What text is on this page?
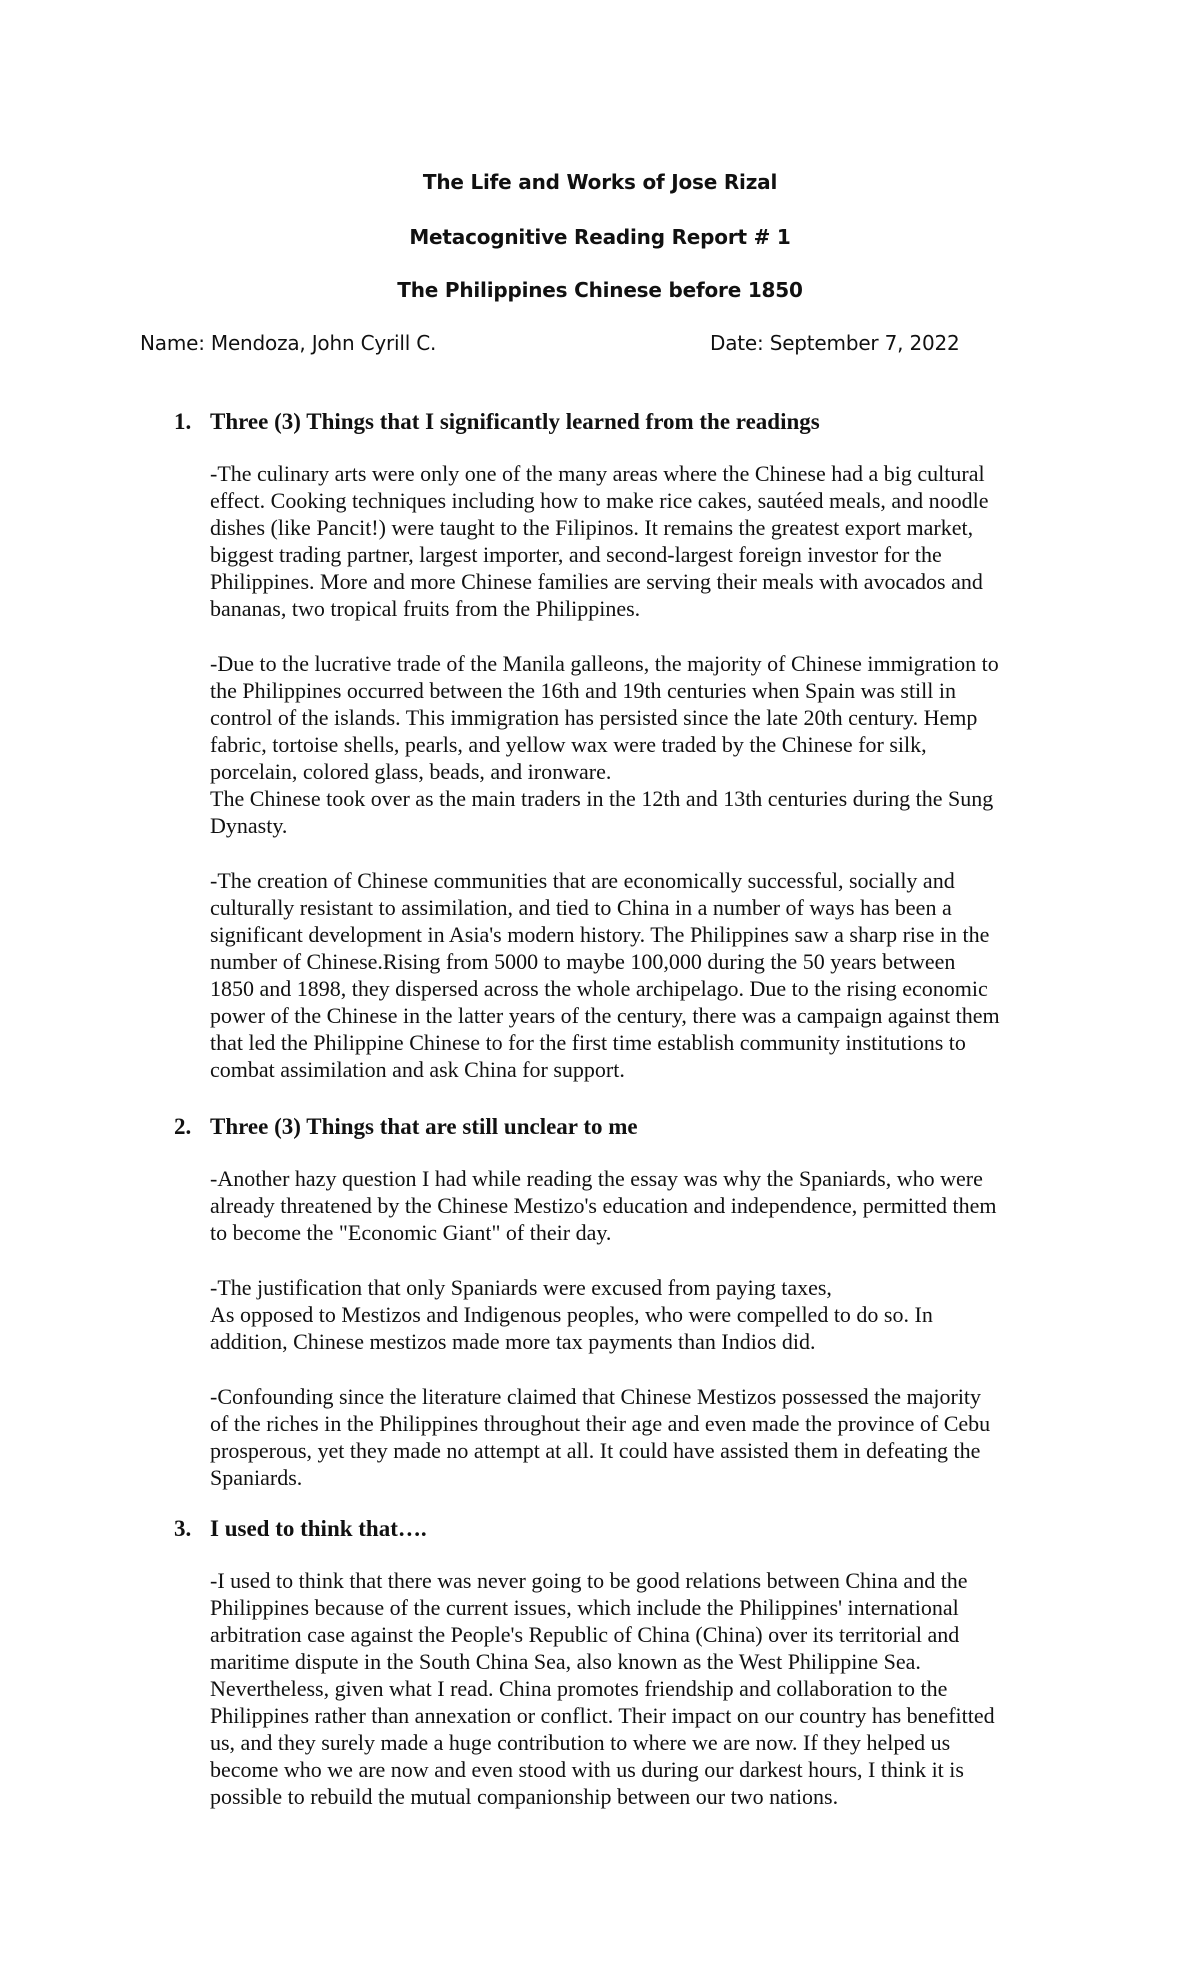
The Life and Works of Jose Rizal

Metacognitive Reading Report # 1

The Philippines Chinese before 1850

Name: Mendoza, John Cyrill C.	Date: September 7, 2022

1. Three (3) Things that I significantly learned from the readings

-The culinary arts were only one of the many areas where the Chinese had a big cultural
effect. Cooking techniques including how to make rice cakes, sautéed meals, and noodle
dishes (like Pancit!) were taught to the Filipinos. It remains the greatest export market,
biggest trading partner, largest importer, and second-largest foreign investor for the
Philippines. More and more Chinese families are serving their meals with avocados and
bananas, two tropical fruits from the Philippines.

-Due to the lucrative trade of the Manila galleons, the majority of Chinese immigration to
the Philippines occurred between the 16th and 19th centuries when Spain was still in
control of the islands. This immigration has persisted since the late 20th century. Hemp
fabric, tortoise shells, pearls, and yellow wax were traded by the Chinese for silk,
porcelain, colored glass, beads, and ironware.
The Chinese took over as the main traders in the 12th and 13th centuries during the Sung
Dynasty.

-The creation of Chinese communities that are economically successful, socially and
culturally resistant to assimilation, and tied to China in a number of ways has been a
significant development in Asia's modern history. The Philippines saw a sharp rise in the
number of Chinese.Rising from 5000 to maybe 100,000 during the 50 years between
1850 and 1898, they dispersed across the whole archipelago. Due to the rising economic
power of the Chinese in the latter years of the century, there was a campaign against them
that led the Philippine Chinese to for the first time establish community institutions to
combat assimilation and ask China for support.

2. Three (3) Things that are still unclear to me

-Another hazy question I had while reading the essay was why the Spaniards, who were
already threatened by the Chinese Mestizo's education and independence, permitted them
to become the "Economic Giant" of their day.

-The justification that only Spaniards were excused from paying taxes,
As opposed to Mestizos and Indigenous peoples, who were compelled to do so. In
addition, Chinese mestizos made more tax payments than Indios did.

-Confounding since the literature claimed that Chinese Mestizos possessed the majority
of the riches in the Philippines throughout their age and even made the province of Cebu
prosperous, yet they made no attempt at all. It could have assisted them in defeating the
Spaniards.

3. I used to think that….

-I used to think that there was never going to be good relations between China and the
Philippines because of the current issues, which include the Philippines' international
arbitration case against the People's Republic of China (China) over its territorial and
maritime dispute in the South China Sea, also known as the West Philippine Sea.
Nevertheless, given what I read. China promotes friendship and collaboration to the
Philippines rather than annexation or conflict. Their impact on our country has benefitted
us, and they surely made a huge contribution to where we are now. If they helped us
become who we are now and even stood with us during our darkest hours, I think it is
possible to rebuild the mutual companionship between our two nations.
